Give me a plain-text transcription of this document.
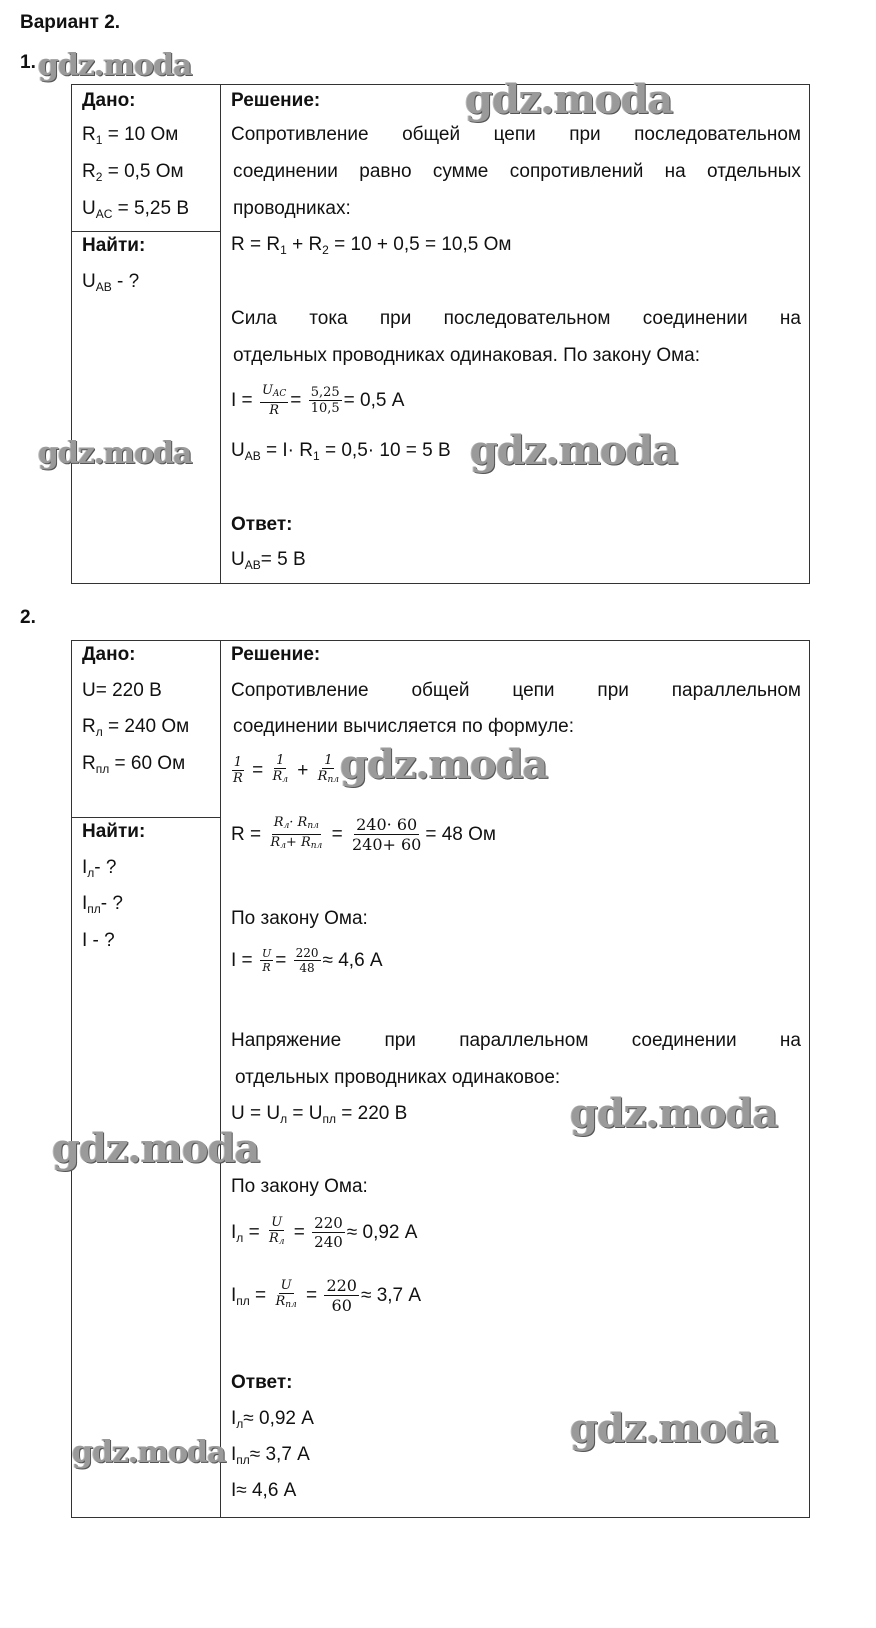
Вариант 2.
1.
Дано:
$R_1 = 10$ Ом
$R_2 = 0,5$ Ом
$U_{AC} = 5,25$ В
Найти:
$U_{AB}$ - ?
Решение:
Сопротивление общей цепи при последовательном
соединении равно сумме сопротивлений на отдельных
проводниках:
$R = R_1 + R_2 = 10 + 0,5 = 10,5$ Ом
Сила тока при последовательном соединении на
отдельных проводниках одинаковая. По закону Ома:
$I = \frac{U_{AC}}{R} = \frac{5,25}{10,5} = 0,5$ А
$U_{AB} = I\cdot R_1 = 0,5\cdot 10 = 5$ В
Ответ:
$U_{AB}= 5$ В
2.
Дано:
U= 220 В
$R_л = 240$ Ом
$R_{пл} = 60$ Ом
Найти:
$I_л-$ ?
$I_{пл}-$ ?
I - ?
Решение:
Сопротивление общей цепи при параллельном
соединении вычисляется по формуле:
$\frac{1}{R} = \frac{1}{R_л} + \frac{1}{R_{пл}}$
$R = \frac{R_л\cdot R_{пл}}{R_л+ R_{пл}} = \frac{240\cdot 60}{240+ 60} = 48$ Ом
По закону Ома:
$I = \frac{U}{R} = \frac{220}{48} \approx 4,6$ А
Напряжение при параллельном соединении на
отдельных проводниках одинаковое:
$U = U_л = U_{пл} = 220$ В
По закону Ома:
$I_л = \frac{U}{R_л} = \frac{220}{240} \approx 0,92$ А
$I_{пл} = \frac{U}{R_{пл}} = \frac{220}{60} \approx 3,7$ А
Ответ:
$I_л\approx 0,92$ А
$I_{пл}\approx 3,7$ А
I≈ 4,6 А
gdz.moda
gdz.moda
gdz.moda	gdz.moda
gdz.moda
gdz.moda
gdz.moda
gdz.moda
gdz.moda
